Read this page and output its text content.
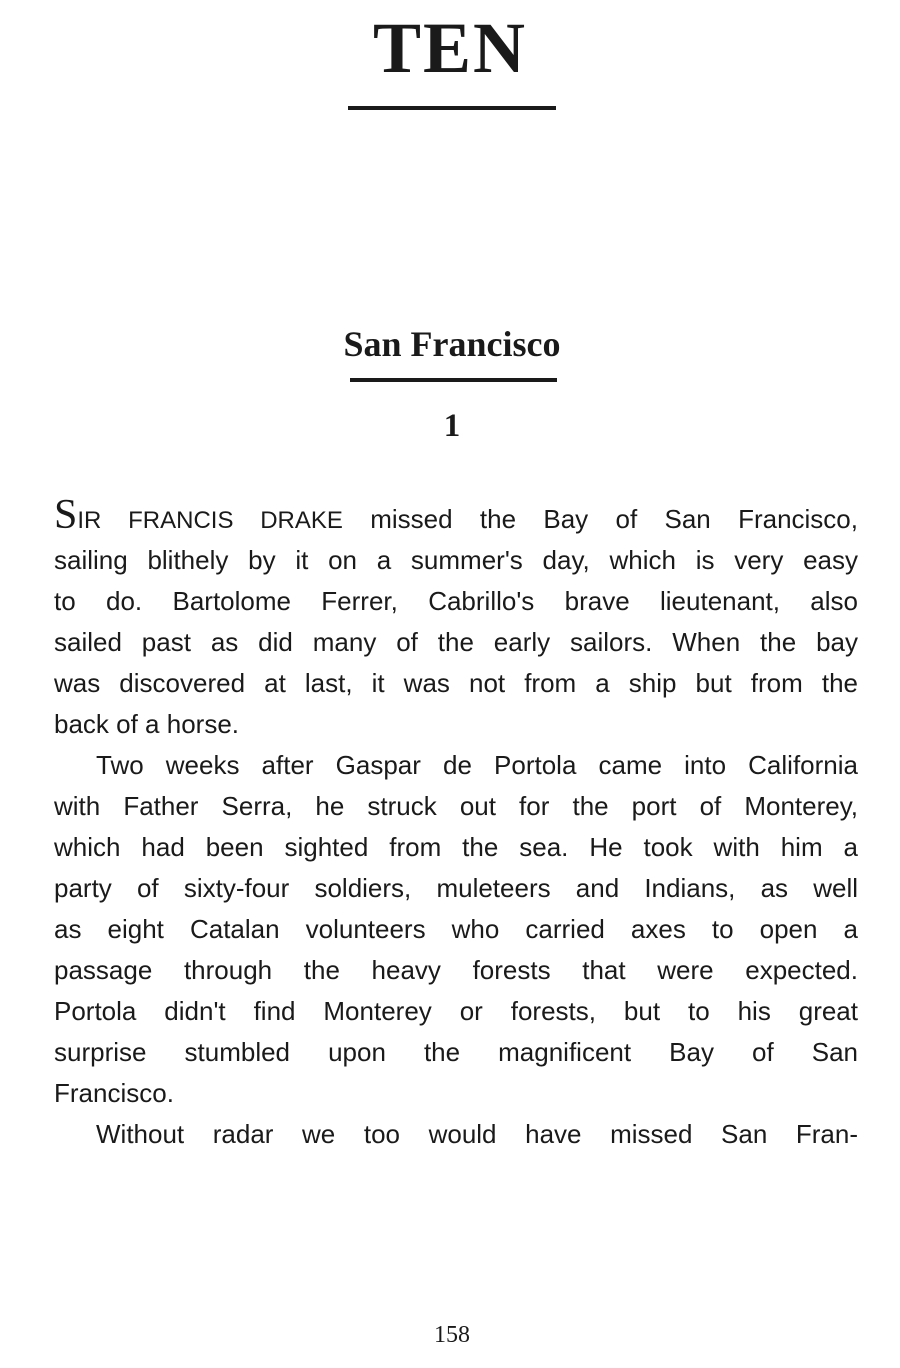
TEN
San Francisco
1
SIR FRANCIS DRAKE missed the Bay of San Francisco,
sailing blithely by it on a summer's day, which is very easy
to do. Bartolome Ferrer, Cabrillo's brave lieutenant, also
sailed past as did many of the early sailors. When the bay
was discovered at last, it was not from a ship but from the
back of a horse.
Two weeks after Gaspar de Portola came into California
with Father Serra, he struck out for the port of Monterey,
which had been sighted from the sea. He took with him a
party of sixty-four soldiers, muleteers and Indians, as well
as eight Catalan volunteers who carried axes to open a
passage through the heavy forests that were expected.
Portola didn't find Monterey or forests, but to his great
surprise stumbled upon the magnificent Bay of San
Francisco.
Without radar we too would have missed San Fran-
158
